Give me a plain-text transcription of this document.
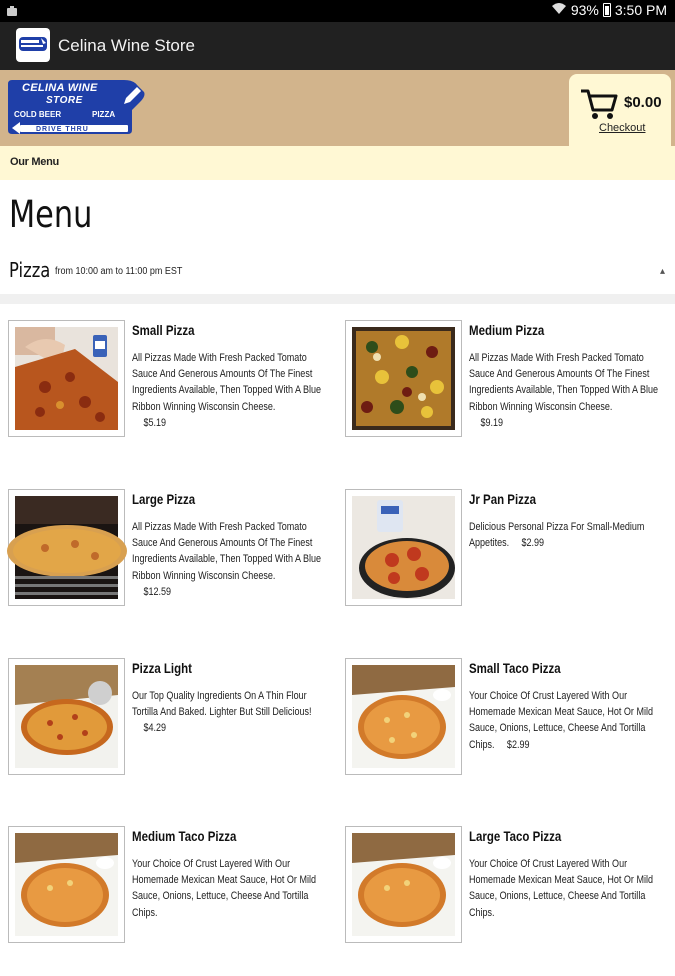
93% 3:50 PM
Celina Wine Store
CELINA WINE
STORE
COLD BEER	PIZZA
DRIVE THRU
$0.00
Checkout
Our Menu
Menu
Pizza from 10:00 am to 11:00 pm EST	▴
Small Pizza
All Pizzas Made With Fresh Packed Tomato Sauce And Generous Amounts Of The Finest Ingredients Available, Then Topped With A Blue Ribbon Winning Wisconsin Cheese.
$5.19
Medium Pizza
All Pizzas Made With Fresh Packed Tomato Sauce And Generous Amounts Of The Finest Ingredients Available, Then Topped With A Blue Ribbon Winning Wisconsin Cheese.
$9.19
Large Pizza
All Pizzas Made With Fresh Packed Tomato Sauce And Generous Amounts Of The Finest Ingredients Available, Then Topped With A Blue Ribbon Winning Wisconsin Cheese.
$12.59
Jr Pan Pizza
Delicious Personal Pizza For Small-Medium Appetites. $2.99
Pizza Light
Our Top Quality Ingredients On A Thin Flour Tortilla And Baked. Lighter But Still Delicious!
$4.29
Small Taco Pizza
Your Choice Of Crust Layered With Our Homemade Mexican Meat Sauce, Hot Or Mild Sauce, Onions, Lettuce, Cheese And Tortilla Chips. $2.99
Medium Taco Pizza
Your Choice Of Crust Layered With Our Homemade Mexican Meat Sauce, Hot Or Mild Sauce, Onions, Lettuce, Cheese And Tortilla Chips.
Large Taco Pizza
Your Choice Of Crust Layered With Our Homemade Mexican Meat Sauce, Hot Or Mild Sauce, Onions, Lettuce, Cheese And Tortilla Chips.
